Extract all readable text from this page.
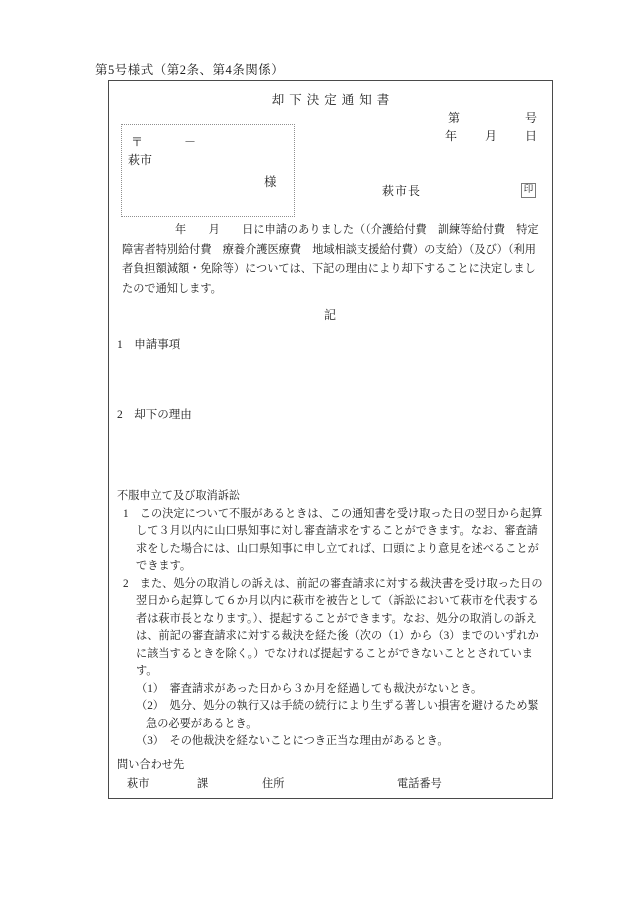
第5号様式（第2条、第4条関係）
却下決定通知書
第	号
年 月 日
〒	－
萩市
様
萩市長	印
年　　月　　日に申請のありました（（介護給付費　訓練等給付費　特定障害者特別給付費　療養介護医療費　地域相談支援給付費）の支給）（及び）（利用者負担額減額・免除等）については、下記の理由により却下することに決定しましたので通知します。
記
1　申請事項
2　却下の理由

不服申立て及び取消訴訟

1　この決定について不服があるときは、この通知書を受け取った日の翌日から起算して３月以内に山口県知事に対し審査請求をすることができます。なお、審査請求をした場合には、山口県知事に申し立てれば、口頭により意見を述べることができます。

2　また、処分の取消しの訴えは、前記の審査請求に対する裁決書を受け取った日の翌日から起算して６か月以内に萩市を被告として（訴訟において萩市を代表する者は萩市長となります。）、提起することができます。なお、処分の取消しの訴えは、前記の審査請求に対する裁決を経た後（次の（1）から（3）までのいずれかに該当するときを除く。）でなければ提起することができないこととされています。

（1）　審査請求があった日から３か月を経過しても裁決がないとき。

（2）　処分、処分の執行又は手続の続行により生ずる著しい損害を避けるため緊急の必要があるとき。

（3）　その他裁決を経ないことにつき正当な理由があるとき。

問い合わせ先

萩市	課	住所	電話番号
